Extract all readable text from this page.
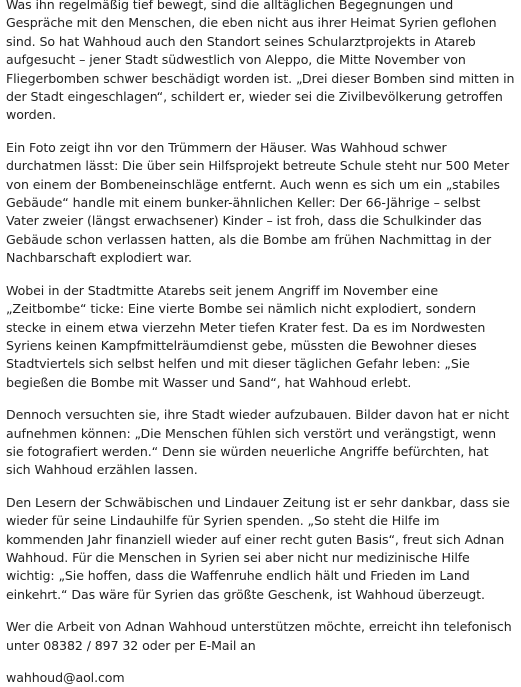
Was ihn regelmäßig tief bewegt, sind die alltäglichen Begegnungen und Gespräche mit den Menschen, die eben nicht aus ihrer Heimat Syrien geflohen sind. So hat Wahhoud auch den Standort seines Schularztprojekts in Atareb aufgesucht – jener Stadt südwestlich von Aleppo, die Mitte November von Fliegerbomben schwer beschädigt worden ist. „Drei dieser Bomben sind mitten in der Stadt eingeschlagen“, schildert er, wieder sei die Zivilbevölkerung getroffen worden.

Ein Foto zeigt ihn vor den Trümmern der Häuser. Was Wahhoud schwer durchatmen lässt: Die über sein Hilfsprojekt betreute Schule steht nur 500 Meter von einem der Bombeneinschläge entfernt. Auch wenn es sich um ein „stabiles Gebäude“ handle mit einem bunker-ähnlichen Keller: Der 66-Jährige – selbst Vater zweier (längst erwachsener) Kinder – ist froh, dass die Schulkinder das Gebäude schon verlassen hatten, als die Bombe am frühen Nachmittag in der Nachbarschaft explodiert war.

Wobei in der Stadtmitte Atarebs seit jenem Angriff im November eine „Zeitbombe“ ticke: Eine vierte Bombe sei nämlich nicht explodiert, sondern stecke in einem etwa vierzehn Meter tiefen Krater fest. Da es im Nordwesten Syriens keinen Kampfmittelräumdienst gebe, müssten die Bewohner dieses Stadtviertels sich selbst helfen und mit dieser täglichen Gefahr leben: „Sie begießen die Bombe mit Wasser und Sand“, hat Wahhoud erlebt.

Dennoch versuchten sie, ihre Stadt wieder aufzubauen. Bilder davon hat er nicht aufnehmen können: „Die Menschen fühlen sich verstört und verängstigt, wenn sie fotografiert werden.“ Denn sie würden neuerliche Angriffe befürchten, hat sich Wahhoud erzählen lassen.

Den Lesern der Schwäbischen und Lindauer Zeitung ist er sehr dankbar, dass sie wieder für seine Lindauhilfe für Syrien spenden. „So steht die Hilfe im kommenden Jahr finanziell wieder auf einer recht guten Basis“, freut sich Adnan Wahhoud. Für die Menschen in Syrien sei aber nicht nur medizinische Hilfe wichtig: „Sie hoffen, dass die Waffenruhe endlich hält und Frieden im Land einkehrt.“ Das wäre für Syrien das größte Geschenk, ist Wahhoud überzeugt.

Wer die Arbeit von Adnan Wahhoud unterstützen möchte, erreicht ihn telefonisch unter 08382 / 897 32 oder per E-Mail an

wahhoud@aol.com
